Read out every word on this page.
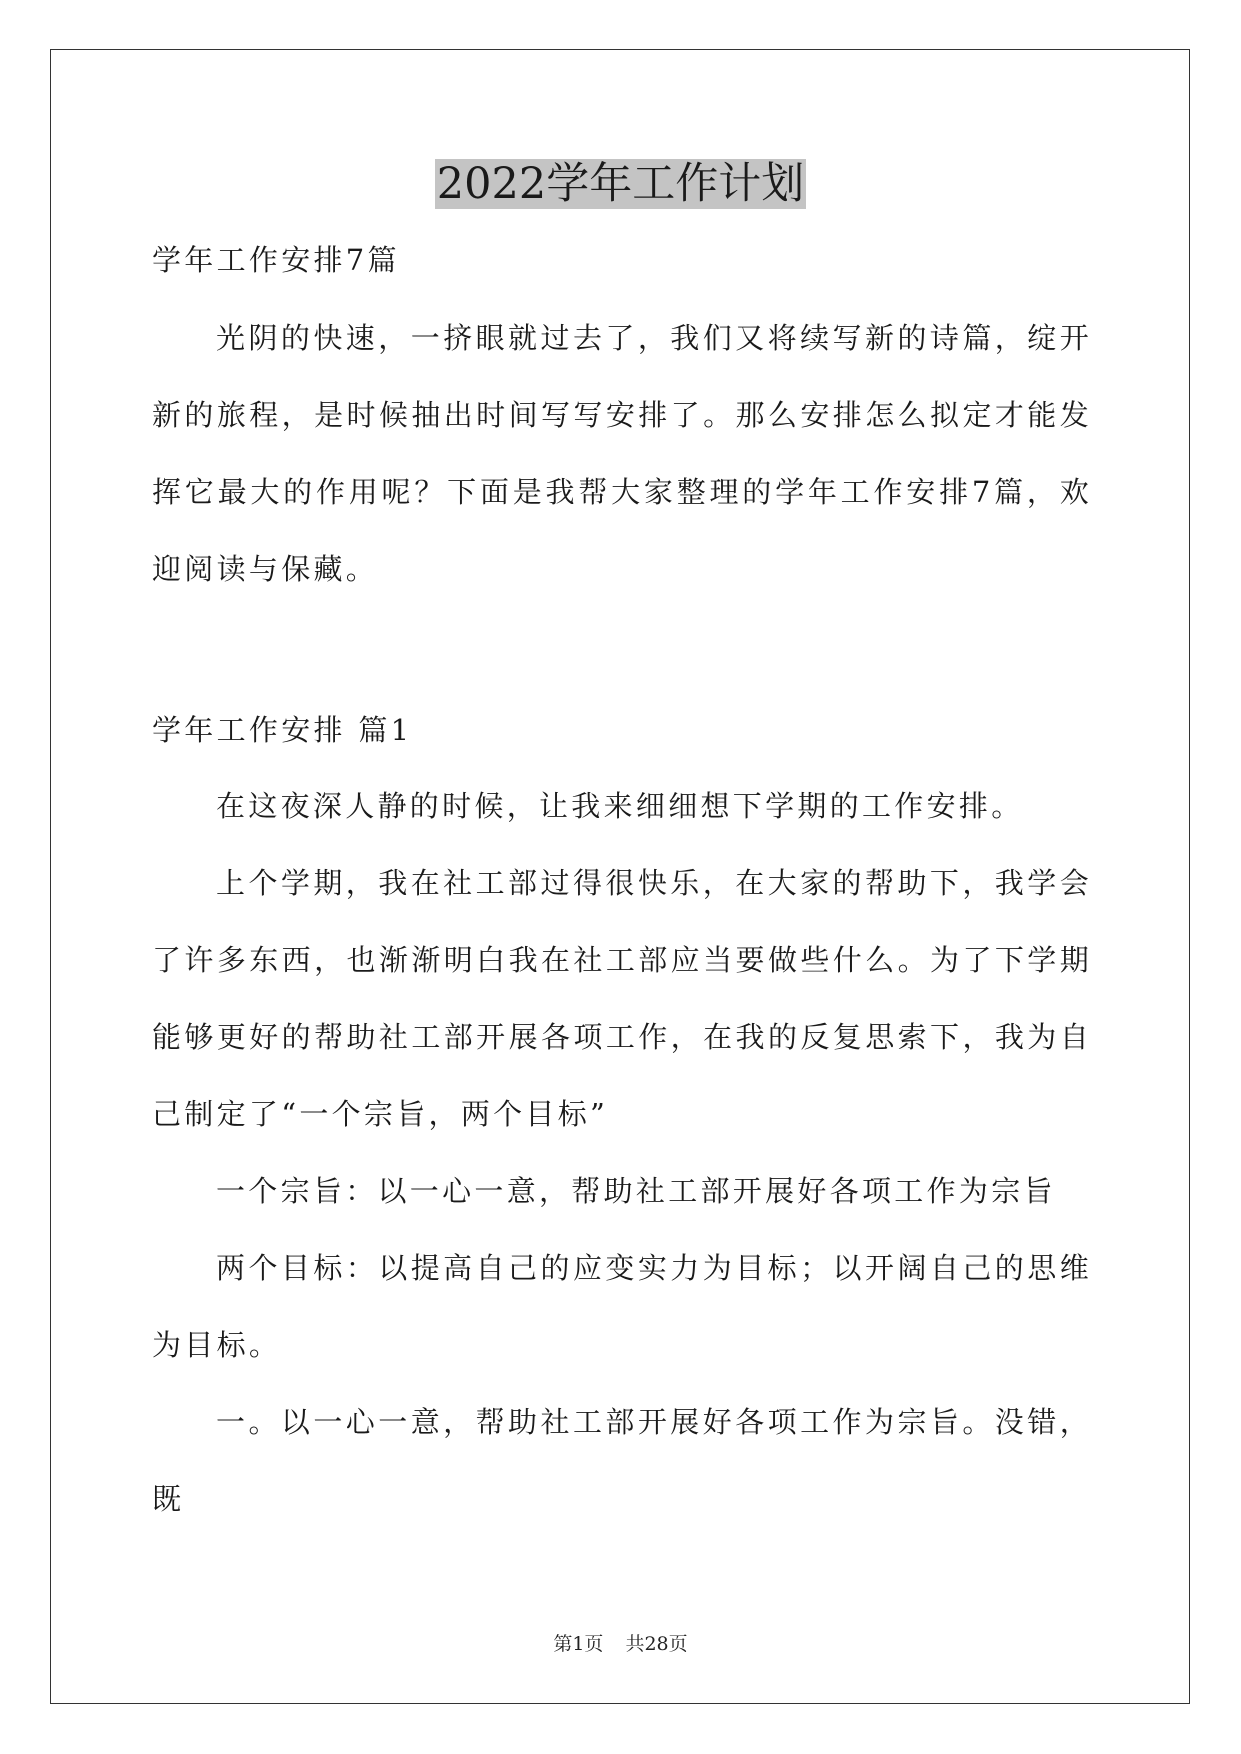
2022学年工作计划

学年工作安排7篇

光阴的快速，一挤眼就过去了，我们又将续写新的诗篇，绽开新的旅程，是时候抽出时间写写安排了。那么安排怎么拟定才能发挥它最大的作用呢？下面是我帮大家整理的学年工作安排7篇，欢迎阅读与保藏。

学年工作安排 篇1

在这夜深人静的时候，让我来细细想下学期的工作安排。

上个学期，我在社工部过得很快乐，在大家的帮助下，我学会了许多东西，也渐渐明白我在社工部应当要做些什么。为了下学期能够更好的帮助社工部开展各项工作，在我的反复思索下，我为自己制定了“一个宗旨，两个目标”

一个宗旨：以一心一意，帮助社工部开展好各项工作为宗旨

两个目标：以提高自己的应变实力为目标；以开阔自己的思维为目标。

一。以一心一意，帮助社工部开展好各项工作为宗旨。没错，既

第1页 共28页
